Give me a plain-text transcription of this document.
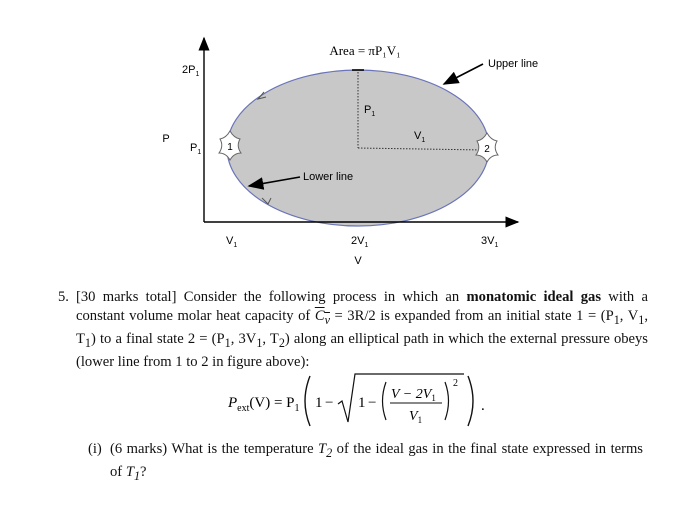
1	2
Area = πP₁V₁
Upper line
Lower line
P
V
$2P_1$
$P_1$
$V_1$	$2V_1$	$3V_1$
$P_1$
$V_1$
5. [30 marks total] Consider the following process in which an monatomic ideal gas with a constant volume molar heat capacity of $C_v = 3R/2$ is expanded from an initial state $1 = (P_1$, $V_1$, $T_1$) to a final state $2 = (P_1$, $3V_1$, $T_2$) along an elliptical path in which the external pressure obeys (lower line from 1 to 2 in figure above):
$P_{ext}(V) = P_1$ 1 − 1 −
$V - 2V_1$
$V_1$
2
.
(i) (6 marks) What is the temperature $T_2$ of the ideal gas in the final state expressed in terms of $T_1$?
